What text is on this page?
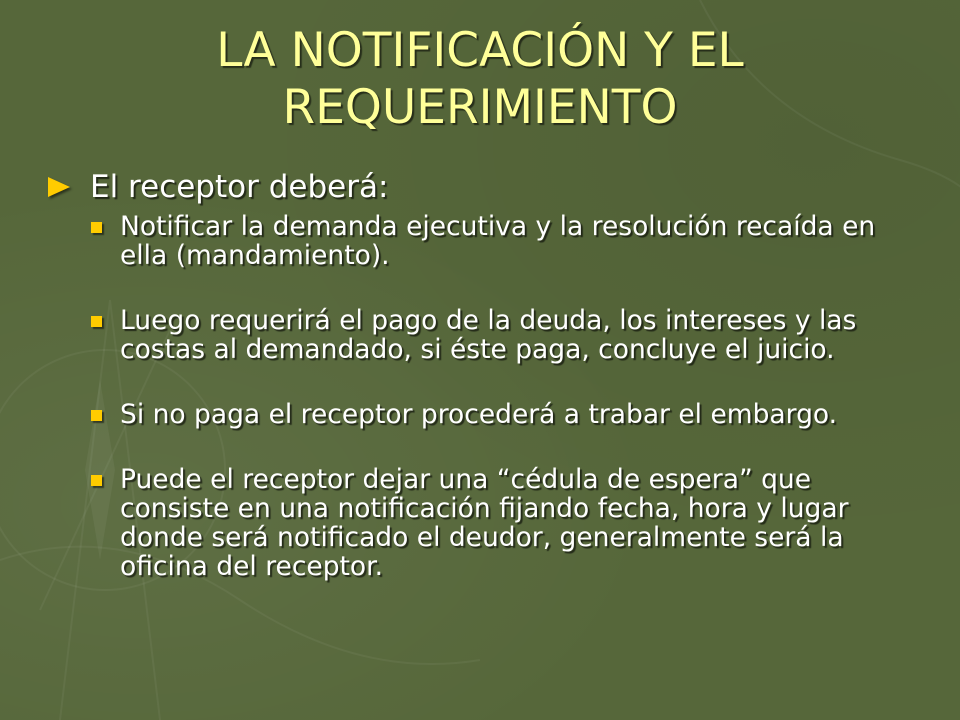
LA NOTIFICACIÓN Y EL
REQUERIMIENTO

El receptor deberá:

Notificar la demanda ejecutiva y la resolución recaída en
ella (mandamiento).
Luego requerirá el pago de la deuda, los intereses y las
costas al demandado, si éste paga, concluye el juicio.
Si no paga el receptor procederá a trabar el embargo.
Puede el receptor dejar una “cédula de espera” que
consiste en una notificación fijando fecha, hora y lugar
donde será notificado el deudor, generalmente será la
oficina del receptor.
